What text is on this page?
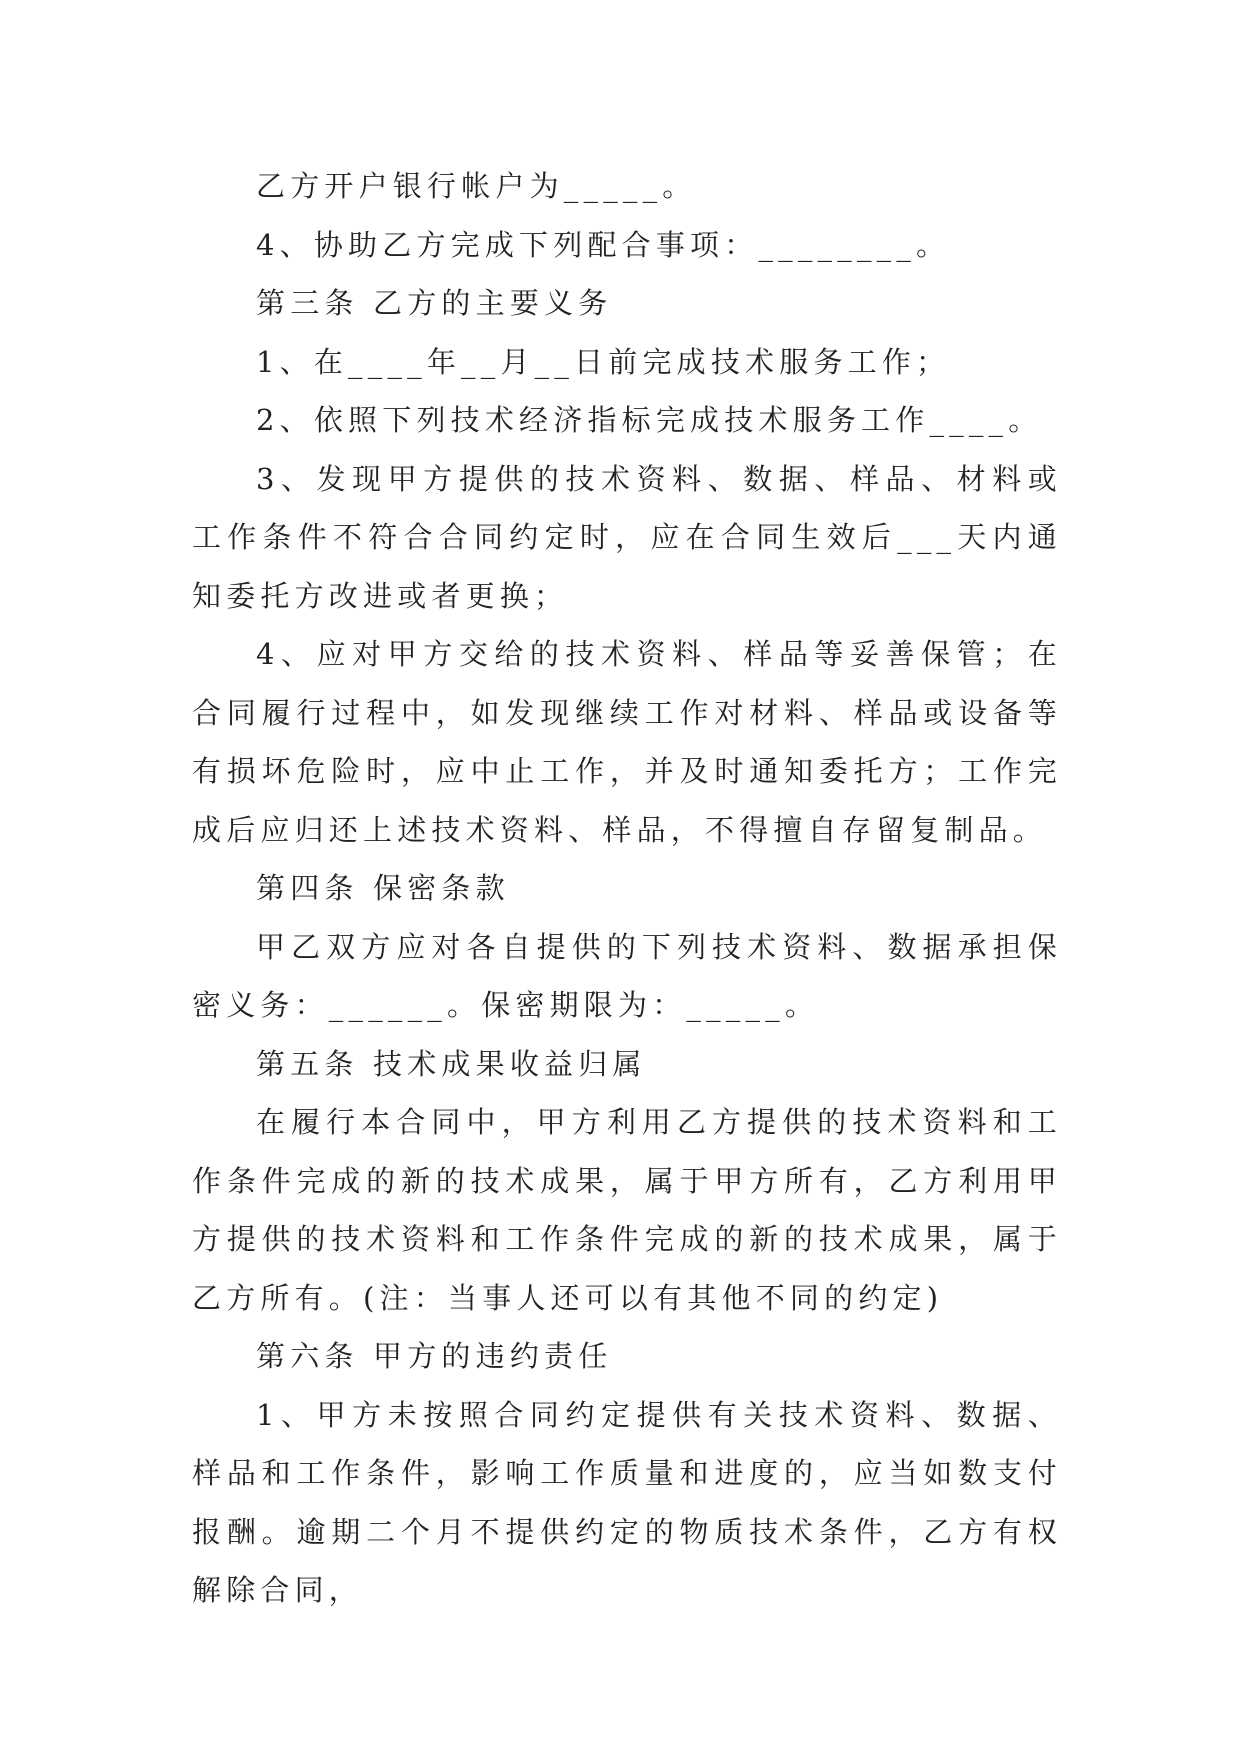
乙方开户银行帐户为_____。

4、协助乙方完成下列配合事项：________。

第三条 乙方的主要义务

1、在____年__月__日前完成技术服务工作；

2、依照下列技术经济指标完成技术服务工作____。

3、发现甲方提供的技术资料、数据、样品、材料或工作条件不符合合同约定时，应在合同生效后___天内通知委托方改进或者更换；

4、应对甲方交给的技术资料、样品等妥善保管；在合同履行过程中，如发现继续工作对材料、样品或设备等有损坏危险时，应中止工作，并及时通知委托方；工作完成后应归还上述技术资料、样品，不得擅自存留复制品。

第四条 保密条款

甲乙双方应对各自提供的下列技术资料、数据承担保密义务：______。保密期限为：_____。

第五条 技术成果收益归属

在履行本合同中，甲方利用乙方提供的技术资料和工作条件完成的新的技术成果，属于甲方所有，乙方利用甲方提供的技术资料和工作条件完成的新的技术成果，属于乙方所有。(注：当事人还可以有其他不同的约定)

第六条 甲方的违约责任

1、甲方未按照合同约定提供有关技术资料、数据、样品和工作条件，影响工作质量和进度的，应当如数支付报酬。逾期二个月不提供约定的物质技术条件，乙方有权解除合同，
